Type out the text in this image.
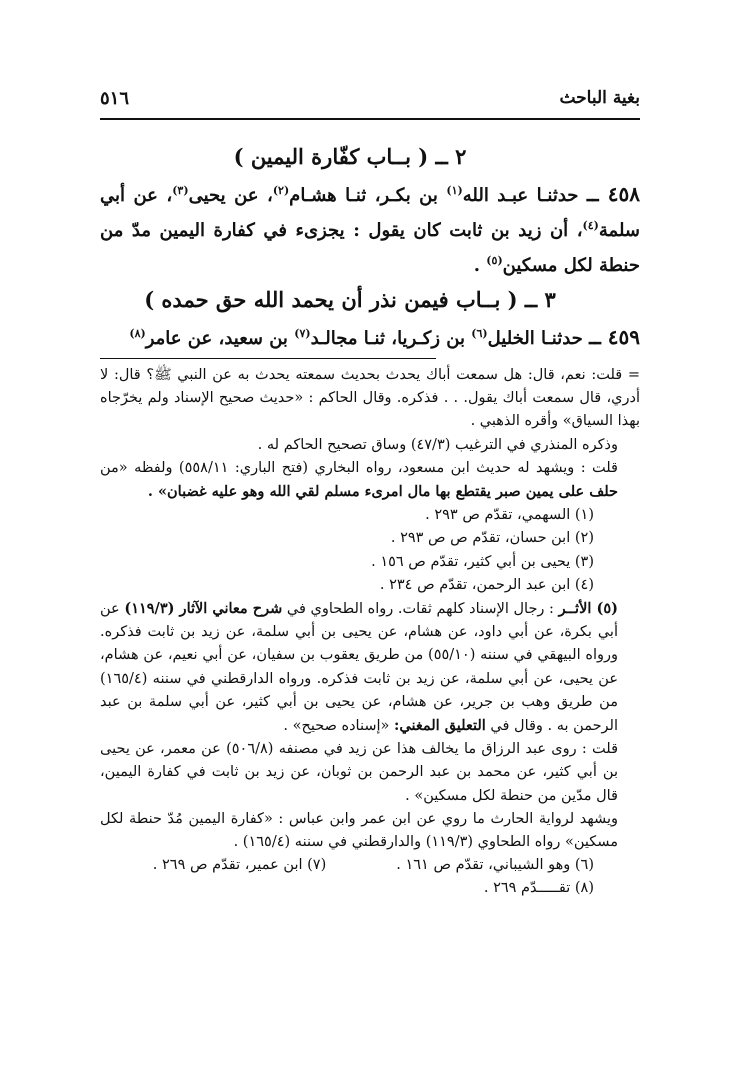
بغية الباحث
٥١٦

٢ ــ ( بــاب كفّارة اليمين )

٤٥٨ ــ حدثنـا عبـد الله$^{(١)}$ بن بكـر، ثنـا هشـام$^{(٢)}$، عن يحيى$^{(٣)}$، عن أبي سلمة$^{(٤)}$، أن زيد بن ثابت كان يقول : يجزىء في كفارة اليمين مدّ من حنطة لكل مسكين$^{(٥)}$ .

٣ ــ ( بــاب فيمن نذر أن يحمد الله حق حمده )

٤٥٩ ــ حدثنـا الخليل$^{(٦)}$ بن زكـريا، ثنـا مجالـد$^{(٧)}$ بن سعيد، عن عامر$^{(٨)}$

= قلت: نعم، قال: هل سمعت أباك يحدث بحديث سمعته يحدث به عن النبي ﷺ؟ قال: لا أدري، قال سمعت أباك يقول. . . فذكره. وقال الحاكم : «حديث صحيح الإسناد ولم يخرّجاه بهذا السياق» وأقره الذهبي .

وذكره المنذري في الترغيب (٤٧/٣) وساق تصحيح الحاكم له .

قلت : ويشهد له حديث ابن مسعود، رواه البخاري (فتح الباري: ٥٥٨/١١) ولفظه «من حلف على يمين صبر يقتطع بها مال امرىء مسلم لقي الله وهو عليه غضبان» .

(١) السهمي، تقدّم ص ٢٩٣ .

(٢) ابن حسان، تقدّم ص ص ٢٩٣ .

(٣) يحيى بن أبي كثير، تقدّم ص ١٥٦ .

(٤) ابن عبد الرحمن، تقدّم ص ٢٣٤ .

(٥) الأثــر : رجال الإسناد كلهم ثقات. رواه الطحاوي في شرح معاني الآثار (١١٩/٣) عن أبي بكرة، عن أبي داود، عن هشام، عن يحيى بن أبي سلمة، عن زيد بن ثابت فذكره. ورواه البيهقي في سننه (٥٥/١٠) من طريق يعقوب بن سفيان، عن أبي نعيم، عن هشام، عن يحيى، عن أبي سلمة، عن زيد بن ثابت فذكره. ورواه الدارقطني في سننه (١٦٥/٤) من طريق وهب بن جرير، عن هشام، عن يحيى بن أبي كثير، عن أبي سلمة بن عبد الرحمن به . وقال في التعليق المغني: «إسناده صحيح» .

قلت : روى عبد الرزاق ما يخالف هذا عن زيد في مصنفه (٥٠٦/٨) عن معمر، عن يحيى بن أبي كثير، عن محمد بن عبد الرحمن بن ثوبان، عن زيد بن ثابت في كفارة اليمين، قال مدّين من حنطة لكل مسكين» .

ويشهد لرواية الحارث ما روي عن ابن عمر وابن عباس : «كفارة اليمين مُدّ حنطة لكل مسكين» رواه الطحاوي (١١٩/٣) والدارقطني في سننه (١٦٥/٤) .

(٦) وهو الشيباني، تقدّم ص ١٦١ .
(٧) ابن عمير، تقدّم ص ٢٦٩ .

(٨) تقـــــدّم ٢٦٩ .
